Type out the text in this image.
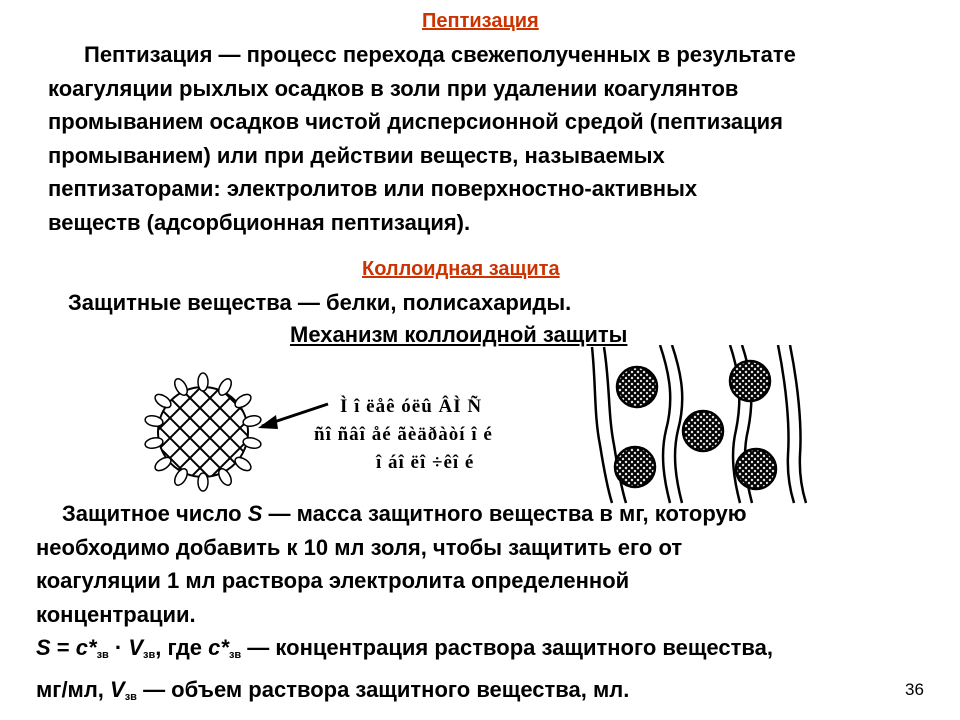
Пептизация
Пептизация — процесс перехода свежеполученных в результате
коагуляции рыхлых осадков в золи при удалении коагулянтов
промыванием осадков чистой дисперсионной средой (пептизация
промыванием) или при действии веществ, называемых
пептизаторами: электролитов или поверхностно-активных
веществ (адсорбционная пептизация).
Коллоидная защита
Защитные вещества — белки, полисахариды.
Механизм коллоидной защиты
Ì î ëåê óëû ÂÌ Ñ
ñî ñâî åé ãèäðàòí î é
î áî ëî ÷êî é
Защитное число S — масса защитного вещества в мг, которую
необходимо добавить к 10 мл золя, чтобы защитить его от
коагуляции 1 мл раствора электролита определенной
концентрации.
$S = c*_{зв} \cdot V_{зв}$, где $c*_{зв}$ — концентрация раствора защитного вещества,
мг/мл, $V_{зв}$ — объем раствора защитного вещества, мл.	36
